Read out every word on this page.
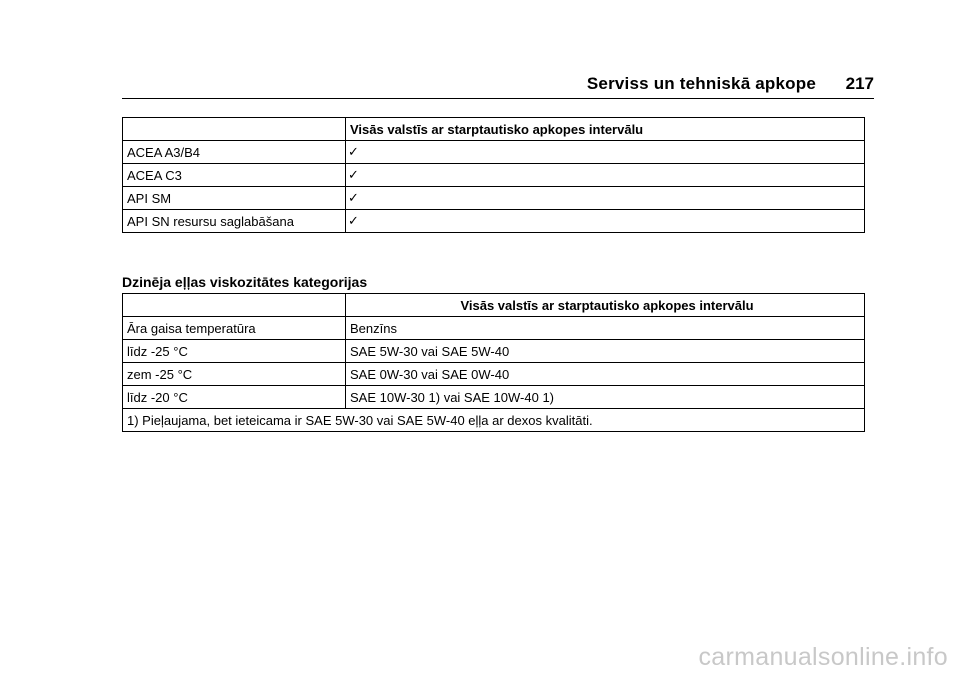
Serviss un tehniskā apkope 217
	Visās valstīs ar starptautisko apkopes intervālu
ACEA A3/B4	✓
ACEA C3	✓
API SM	✓
API SN resursu saglabāšana	✓
Dzinēja eļļas viskozitātes kategorijas
	Visās valstīs ar starptautisko apkopes intervālu
Āra gaisa temperatūra	Benzīns
līdz -25 °C	SAE 5W-30 vai SAE 5W-40
zem -25 °C	SAE 0W-30 vai SAE 0W-40
līdz -20 °C	SAE 10W-30 1) vai SAE 10W-40 1)
1) Pieļaujama, bet ieteicama ir SAE 5W-30 vai SAE 5W-40 eļļa ar dexos kvalitāti.	
carmanualsonline.info
